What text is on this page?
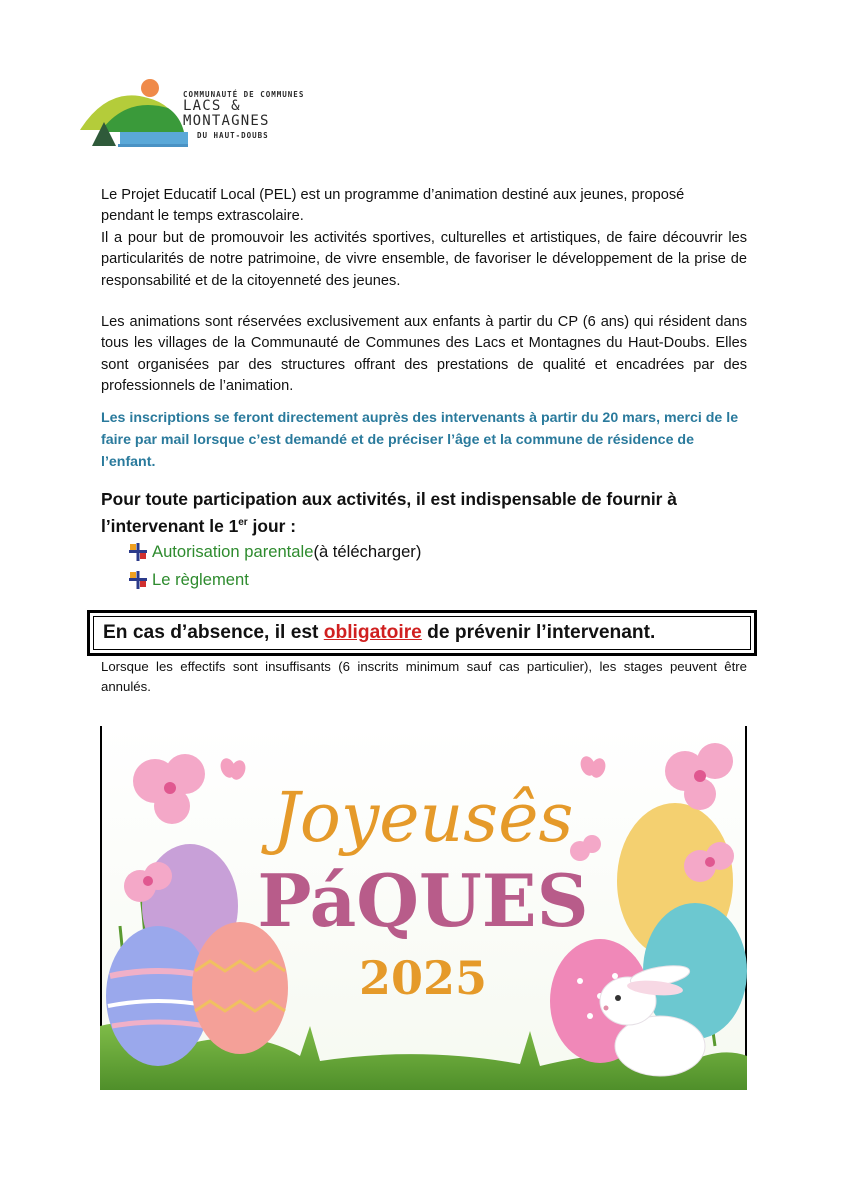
COMMUNAUTÉ DE COMMUNES
LACS &
MONTAGNES
DU HAUT-DOUBS
Le Projet Educatif Local (PEL) est un programme d’animation destiné aux jeunes, proposé pendant le temps extrascolaire.
Il a pour but de promouvoir les activités sportives, culturelles et artistiques, de faire découvrir les particularités de notre patrimoine, de vivre ensemble, de favoriser le développement de la prise de responsabilité et de la citoyenneté des jeunes.
Les animations sont réservées exclusivement aux enfants à partir du CP (6 ans) qui résident dans tous les villages de la Communauté de Communes des Lacs et Montagnes du Haut-Doubs. Elles sont organisées par des structures offrant des prestations de qualité et encadrées par des professionnels de l’animation.
Les inscriptions se feront directement auprès des intervenants à partir du 20 mars, merci de le faire par mail lorsque c’est demandé et de préciser l’âge et la commune de résidence de l’enfant.
Pour toute participation aux activités, il est indispensable de fournir à l’intervenant le 1er jour :
Autorisation parentale (à télécharger)
Le règlement
En cas d’absence, il est obligatoire de prévenir l’intervenant.
Lorsque les effectifs sont insuffisants (6 inscrits minimum sauf cas particulier), les stages peuvent être annulés.
Joyeusês
PáQUES
2025
